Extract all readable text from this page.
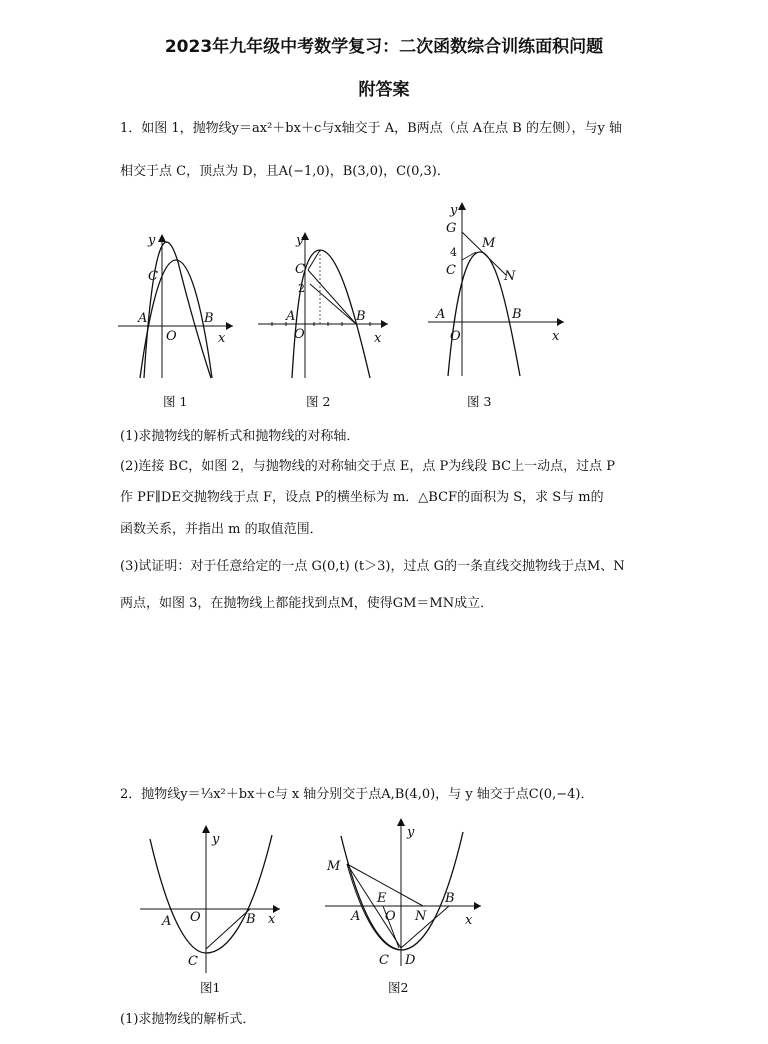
2023年九年级中考数学复习：二次函数综合训练面积问题
附答案
1．如图 1，抛物线y＝ax²＋bx＋c与x轴交于 A，B两点（点 A在点 B 的左侧），与y 轴
相交于点 C，顶点为 D，且A(−1,0)，B(3,0)，C(0,3)．
y
C
A	B
O	x
y
C
2
A	B
O	x
y
G
4
M
C	N
A	B
O	x
图 1	图 2	图 3
(1)求抛物线的解析式和抛物线的对称轴．
(2)连接 BC，如图 2，与抛物线的对称轴交于点 E，点 P为线段 BC上一动点，过点 P
作 PF∥DE交抛物线于点 F，设点 P的横坐标为 m．△BCF的面积为 S，求 S与 m的
函数关系，并指出 m 的取值范围．
(3)试证明：对于任意给定的一点 G(0,t) (t＞3)，过点 G的一条直线交抛物线于点M、N
两点，如图 3，在抛物线上都能找到点M，使得GM＝MN成立．
2．抛物线y＝⅓x²＋bx＋c与 x 轴分别交于点A,B(4,0)，与 y 轴交于点C(0,−4)．
y
A O	B x
C
M
y
E	B
A O N	x
C D
图1	图2
(1)求抛物线的解析式．
